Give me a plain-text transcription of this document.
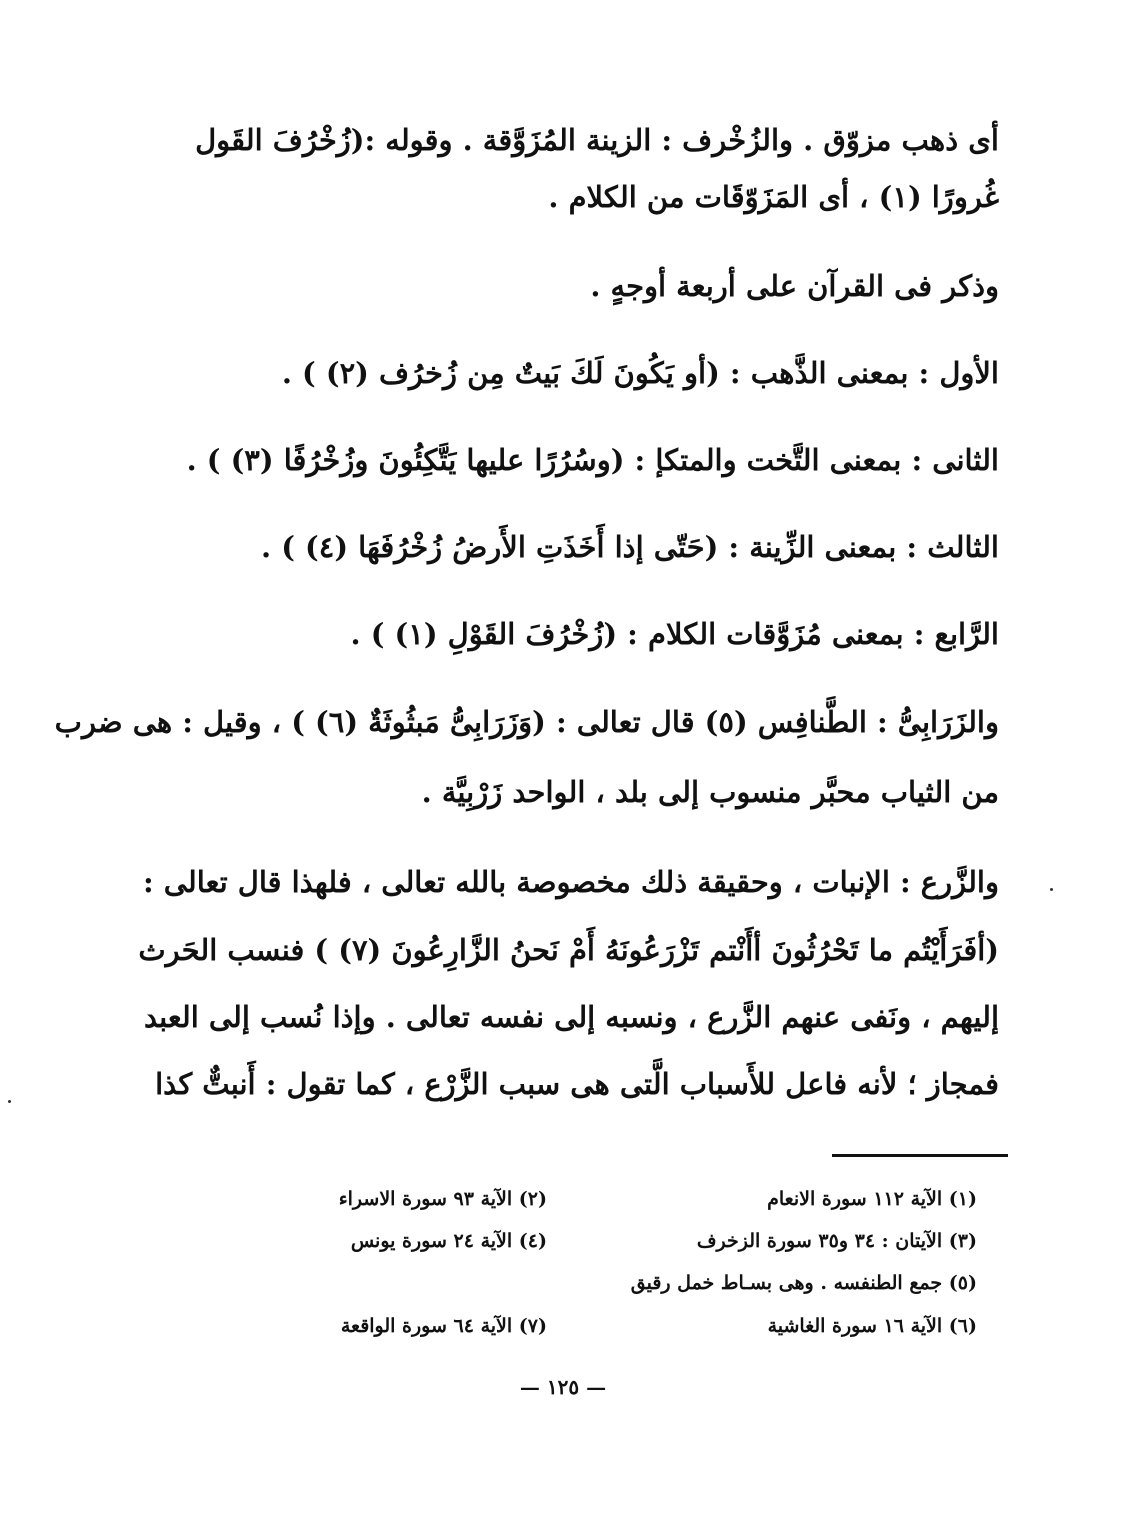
أى ذهب مزوّق . والزُخْرف : الزينة المُزَوَّقة . وقوله :(زُخْرُفَ القَول
غُرورًا (١) ، أى المَزَوّقَات من الكلام .
وذكر فى القرآن على أربعة أوجهٍ .
الأول : بمعنى الذَّهب : (أو يَكُونَ لَكَ بَيتٌ مِن زُخرُف (٢) ) .
الثانى : بمعنى التَّخت والمتكإ : (وسُرُرًا عليها يَتَّكِئُونَ وزُخْرُفًا (٣) ) .
الثالث : بمعنى الزِّينة : (حَتّى إذا أَخَذَتِ الأَرضُ زُخْرُفَهَا (٤) ) .
الرَّابع : بمعنى مُزَوَّقات الكلام : (زُخْرُفَ القَوْلِ (١) ) .
والزَرَابِىُّ : الطَّنافِس (٥) قال تعالى : (وَزَرَابِىُّ مَبثُوثَةٌ (٦) ) ، وقيل : هى ضرب
من الثياب محبَّر منسوب إلى بلد ، الواحد زَرْبِيَّة .
والزَّرع : الإنبات ، وحقيقة ذلك مخصوصة بالله تعالى ، فلهذا قال تعالى :
(أفَرَأَيْتُم ما تَحْرُثُونَ أأَنْتم تَزْرَعُونَهُ أَمْ نَحنُ الزَّارِعُونَ (٧) ) فنسب الحَرث
إليهم ، ونَفى عنهم الزَّرع ، ونسبه إلى نفسه تعالى . وإذا نُسب إلى العبد
فمجاز ؛ لأنه فاعل للأَسباب الَّتى هى سبب الزَّرْع ، كما تقول : أَنبتٌّ كذا
(١) الآية ١١٢ سورة الانعام
(٢) الآية ٩٣ سورة الاسراء
(٣) الآيتان : ٣٤ و٣٥ سورة الزخرف
(٤) الآية ٢٤ سورة يونس
(٥) جمع الطنفسه . وهى بسـاط خمل رقيق
(٦) الآية ١٦ سورة الغاشية
(٧) الآية ٦٤ سورة الواقعة
— ١٢٥ —
